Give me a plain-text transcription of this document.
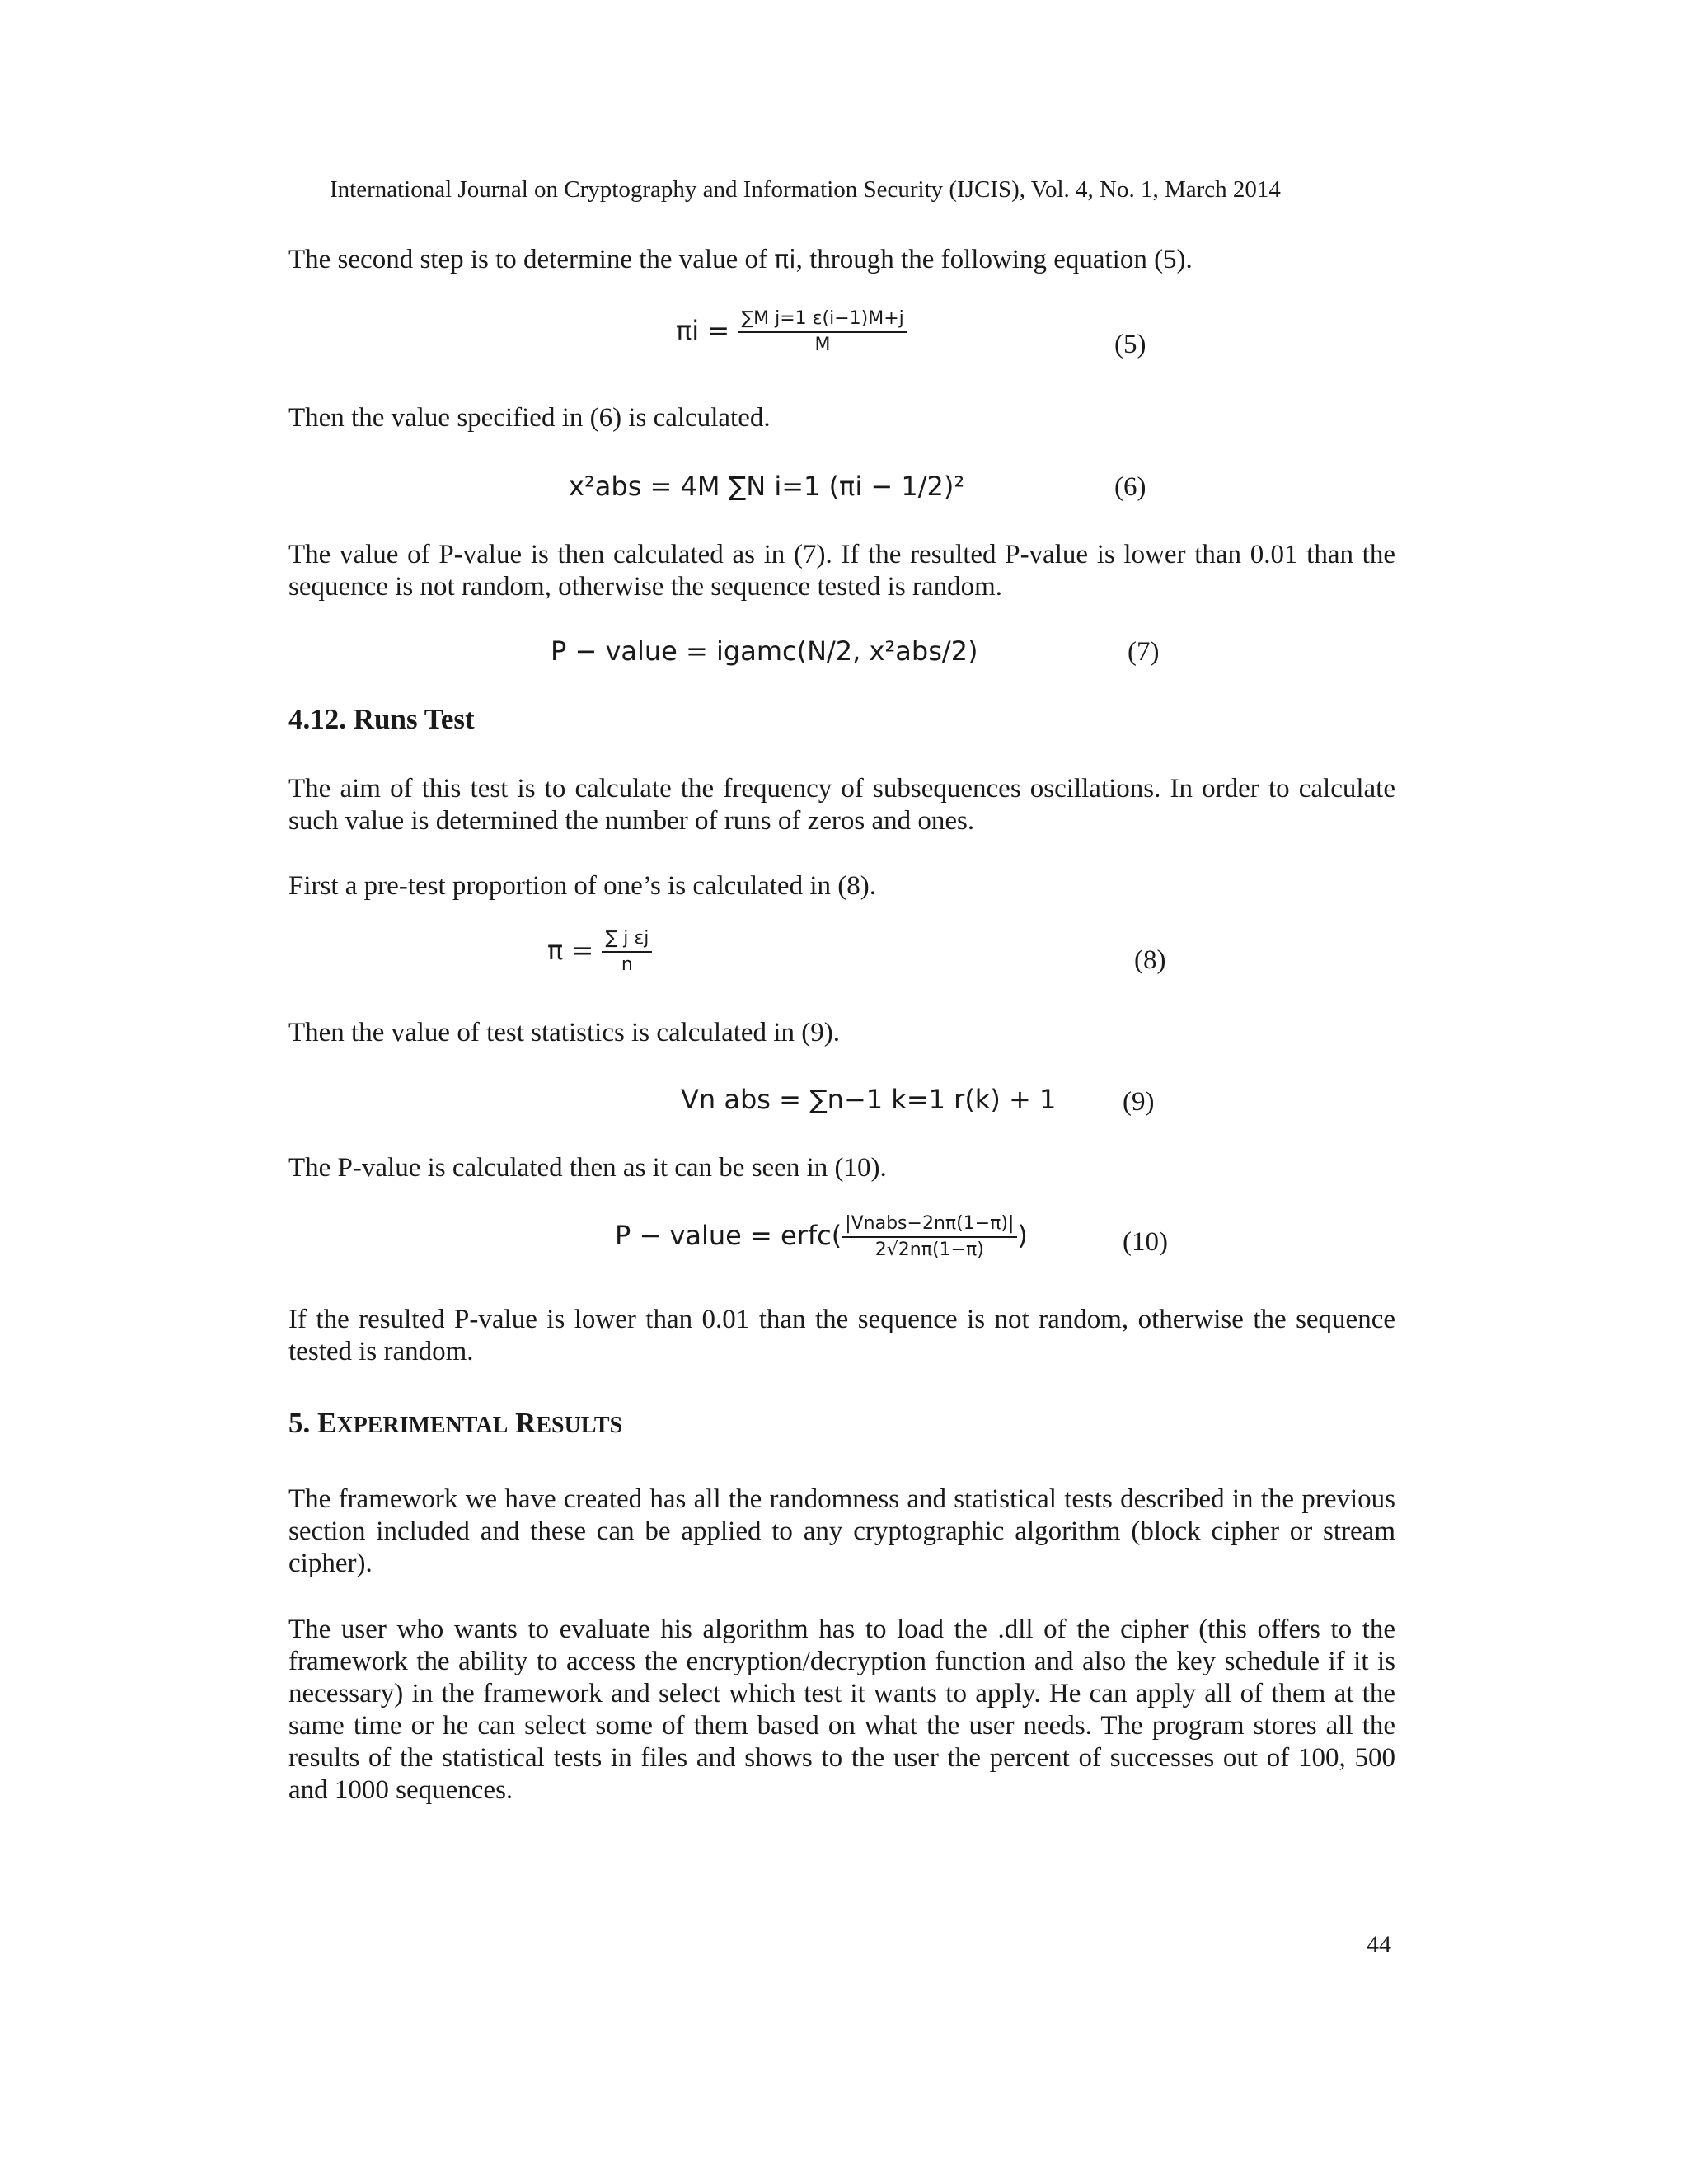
International Journal on Cryptography and Information Security (IJCIS), Vol. 4, No. 1, March 2014
The second step is to determine the value of πi, through the following equation (5).
$\pi i = \frac{\text{∑M j=1 ε(i−1)M+j}}{M}$	(5)
Then the value specified in (6) is calculated.
x²abs = 4M ∑N i=1 (πi − 1/2)²	(6)
The value of P-value is then calculated as in (7). If the resulted P-value is lower than 0.01 than the sequence is not random, otherwise the sequence tested is random.
P − value = igamc(N/2, x²abs/2)	(7)
4.12. Runs Test
The aim of this test is to calculate the frequency of subsequences oscillations. In order to calculate such value is determined the number of runs of zeros and ones.
First a pre-test proportion of one’s is calculated in (8).
$\pi = \frac{\text{∑ j εj}}{n}$	(8)
Then the value of test statistics is calculated in (9).
Vn abs = ∑n−1 k=1 r(k) + 1 (9)
The P-value is calculated then as it can be seen in (10).
P − value = erfc( $\frac{\text{|Vnabs−2nπ(1−π)|}}{2√2n\pi(1-\pi)}$ )	(10)
If the resulted P-value is lower than 0.01 than the sequence is not random, otherwise the sequence tested is random.
5. EXPERIMENTAL RESULTS
The framework we have created has all the randomness and statistical tests described in the previous section included and these can be applied to any cryptographic algorithm (block cipher or stream cipher).
The user who wants to evaluate his algorithm has to load the .dll of the cipher (this offers to the framework the ability to access the encryption/decryption function and also the key schedule if it is necessary) in the framework and select which test it wants to apply. He can apply all of them at the same time or he can select some of them based on what the user needs. The program stores all the results of the statistical tests in files and shows to the user the percent of successes out of 100, 500 and 1000 sequences.
44
